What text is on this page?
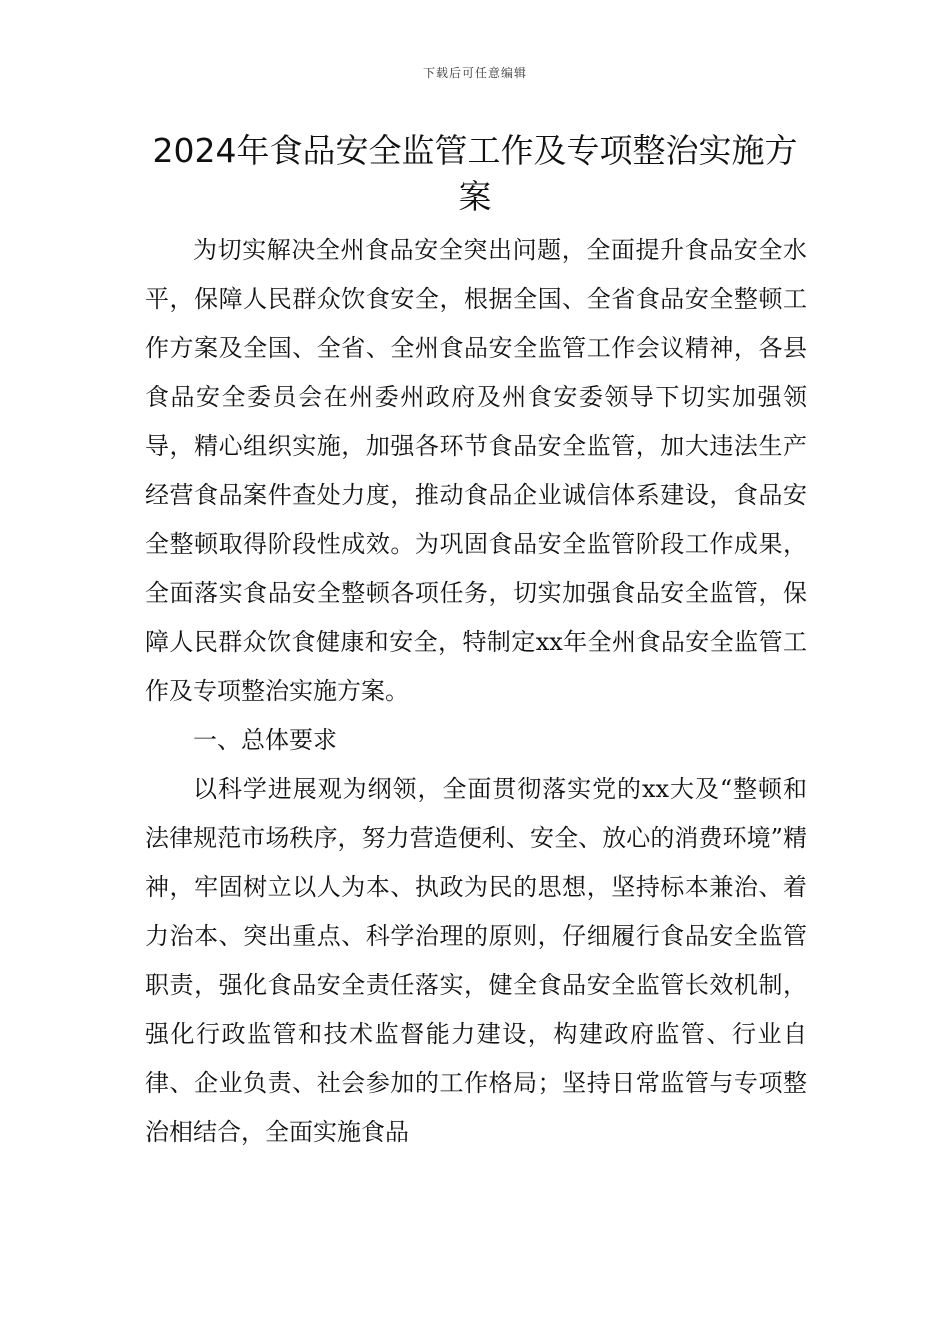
下载后可任意编辑
2024年食品安全监管工作及专项整治实施方案

为切实解决全州食品安全突出问题，全面提升食品安全水平，保障人民群众饮食安全，根据全国、全省食品安全整顿工作方案及全国、全省、全州食品安全监管工作会议精神，各县食品安全委员会在州委州政府及州食安委领导下切实加强领导，精心组织实施，加强各环节食品安全监管，加大违法生产经营食品案件查处力度，推动食品企业诚信体系建设，食品安全整顿取得阶段性成效。为巩固食品安全监管阶段工作成果，全面落实食品安全整顿各项任务，切实加强食品安全监管，保障人民群众饮食健康和安全，特制定xx年全州食品安全监管工作及专项整治实施方案。

一、总体要求

以科学进展观为纲领，全面贯彻落实党的xx大及“整顿和法律规范市场秩序，努力营造便利、安全、放心的消费环境”精神，牢固树立以人为本、执政为民的思想，坚持标本兼治、着力治本、突出重点、科学治理的原则，仔细履行食品安全监管职责，强化食品安全责任落实，健全食品安全监管长效机制，强化行政监管和技术监督能力建设，构建政府监管、行业自律、企业负责、社会参加的工作格局；坚持日常监管与专项整治相结合，全面实施食品
